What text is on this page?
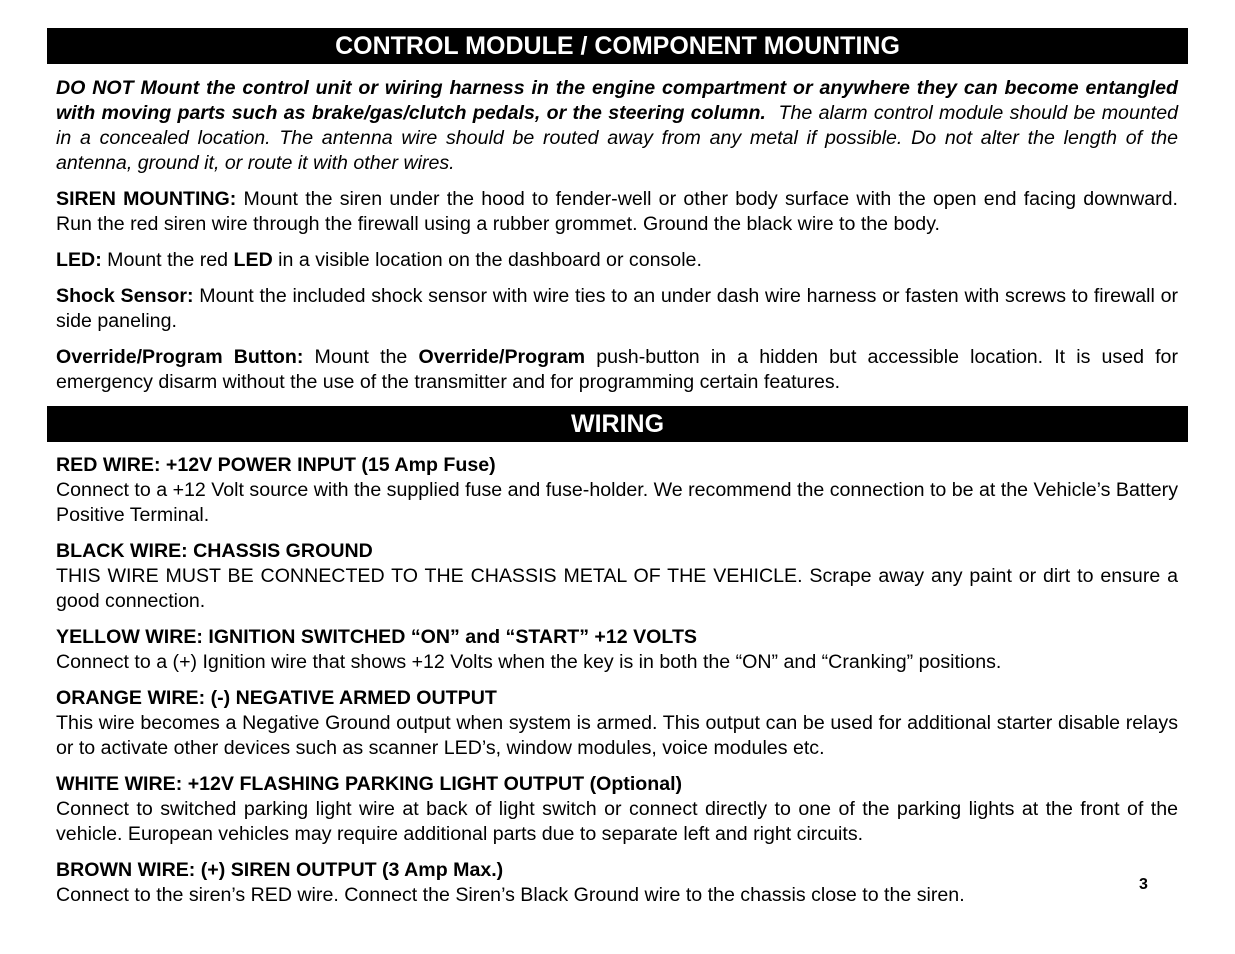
CONTROL MODULE / COMPONENT MOUNTING

DO NOT Mount the control unit or wiring harness in the engine compartment or anywhere they can become entangled with moving parts such as brake/gas/clutch pedals, or the steering column. The alarm control module should be mounted in a concealed location. The antenna wire should be routed away from any metal if possible. Do not alter the length of the antenna, ground it, or route it with other wires.

SIREN MOUNTING: Mount the siren under the hood to fender-well or other body surface with the open end facing downward. Run the red siren wire through the firewall using a rubber grommet. Ground the black wire to the body.

LED: Mount the red LED in a visible location on the dashboard or console.

Shock Sensor: Mount the included shock sensor with wire ties to an under dash wire harness or fasten with screws to firewall or side paneling.

Override/Program Button: Mount the Override/Program push-button in a hidden but accessible location. It is used for emergency disarm without the use of the transmitter and for programming certain features.

WIRING

RED WIRE: +12V POWER INPUT (15 Amp Fuse)
Connect to a +12 Volt source with the supplied fuse and fuse-holder. We recommend the connection to be at the Vehicle’s Battery Positive Terminal.

BLACK WIRE: CHASSIS GROUND
THIS WIRE MUST BE CONNECTED TO THE CHASSIS METAL OF THE VEHICLE. Scrape away any paint or dirt to ensure a good connection.

YELLOW WIRE: IGNITION SWITCHED “ON” and “START” +12 VOLTS
Connect to a (+) Ignition wire that shows +12 Volts when the key is in both the “ON” and “Cranking” positions.

ORANGE WIRE: (-) NEGATIVE ARMED OUTPUT
This wire becomes a Negative Ground output when system is armed. This output can be used for additional starter disable relays or to activate other devices such as scanner LED’s, window modules, voice modules etc.

WHITE WIRE: +12V FLASHING PARKING LIGHT OUTPUT (Optional)
Connect to switched parking light wire at back of light switch or connect directly to one of the parking lights at the front of the vehicle. European vehicles may require additional parts due to separate left and right circuits.

BROWN WIRE: (+) SIREN OUTPUT (3 Amp Max.)
Connect to the siren’s RED wire. Connect the Siren’s Black Ground wire to the chassis close to the siren.	3
